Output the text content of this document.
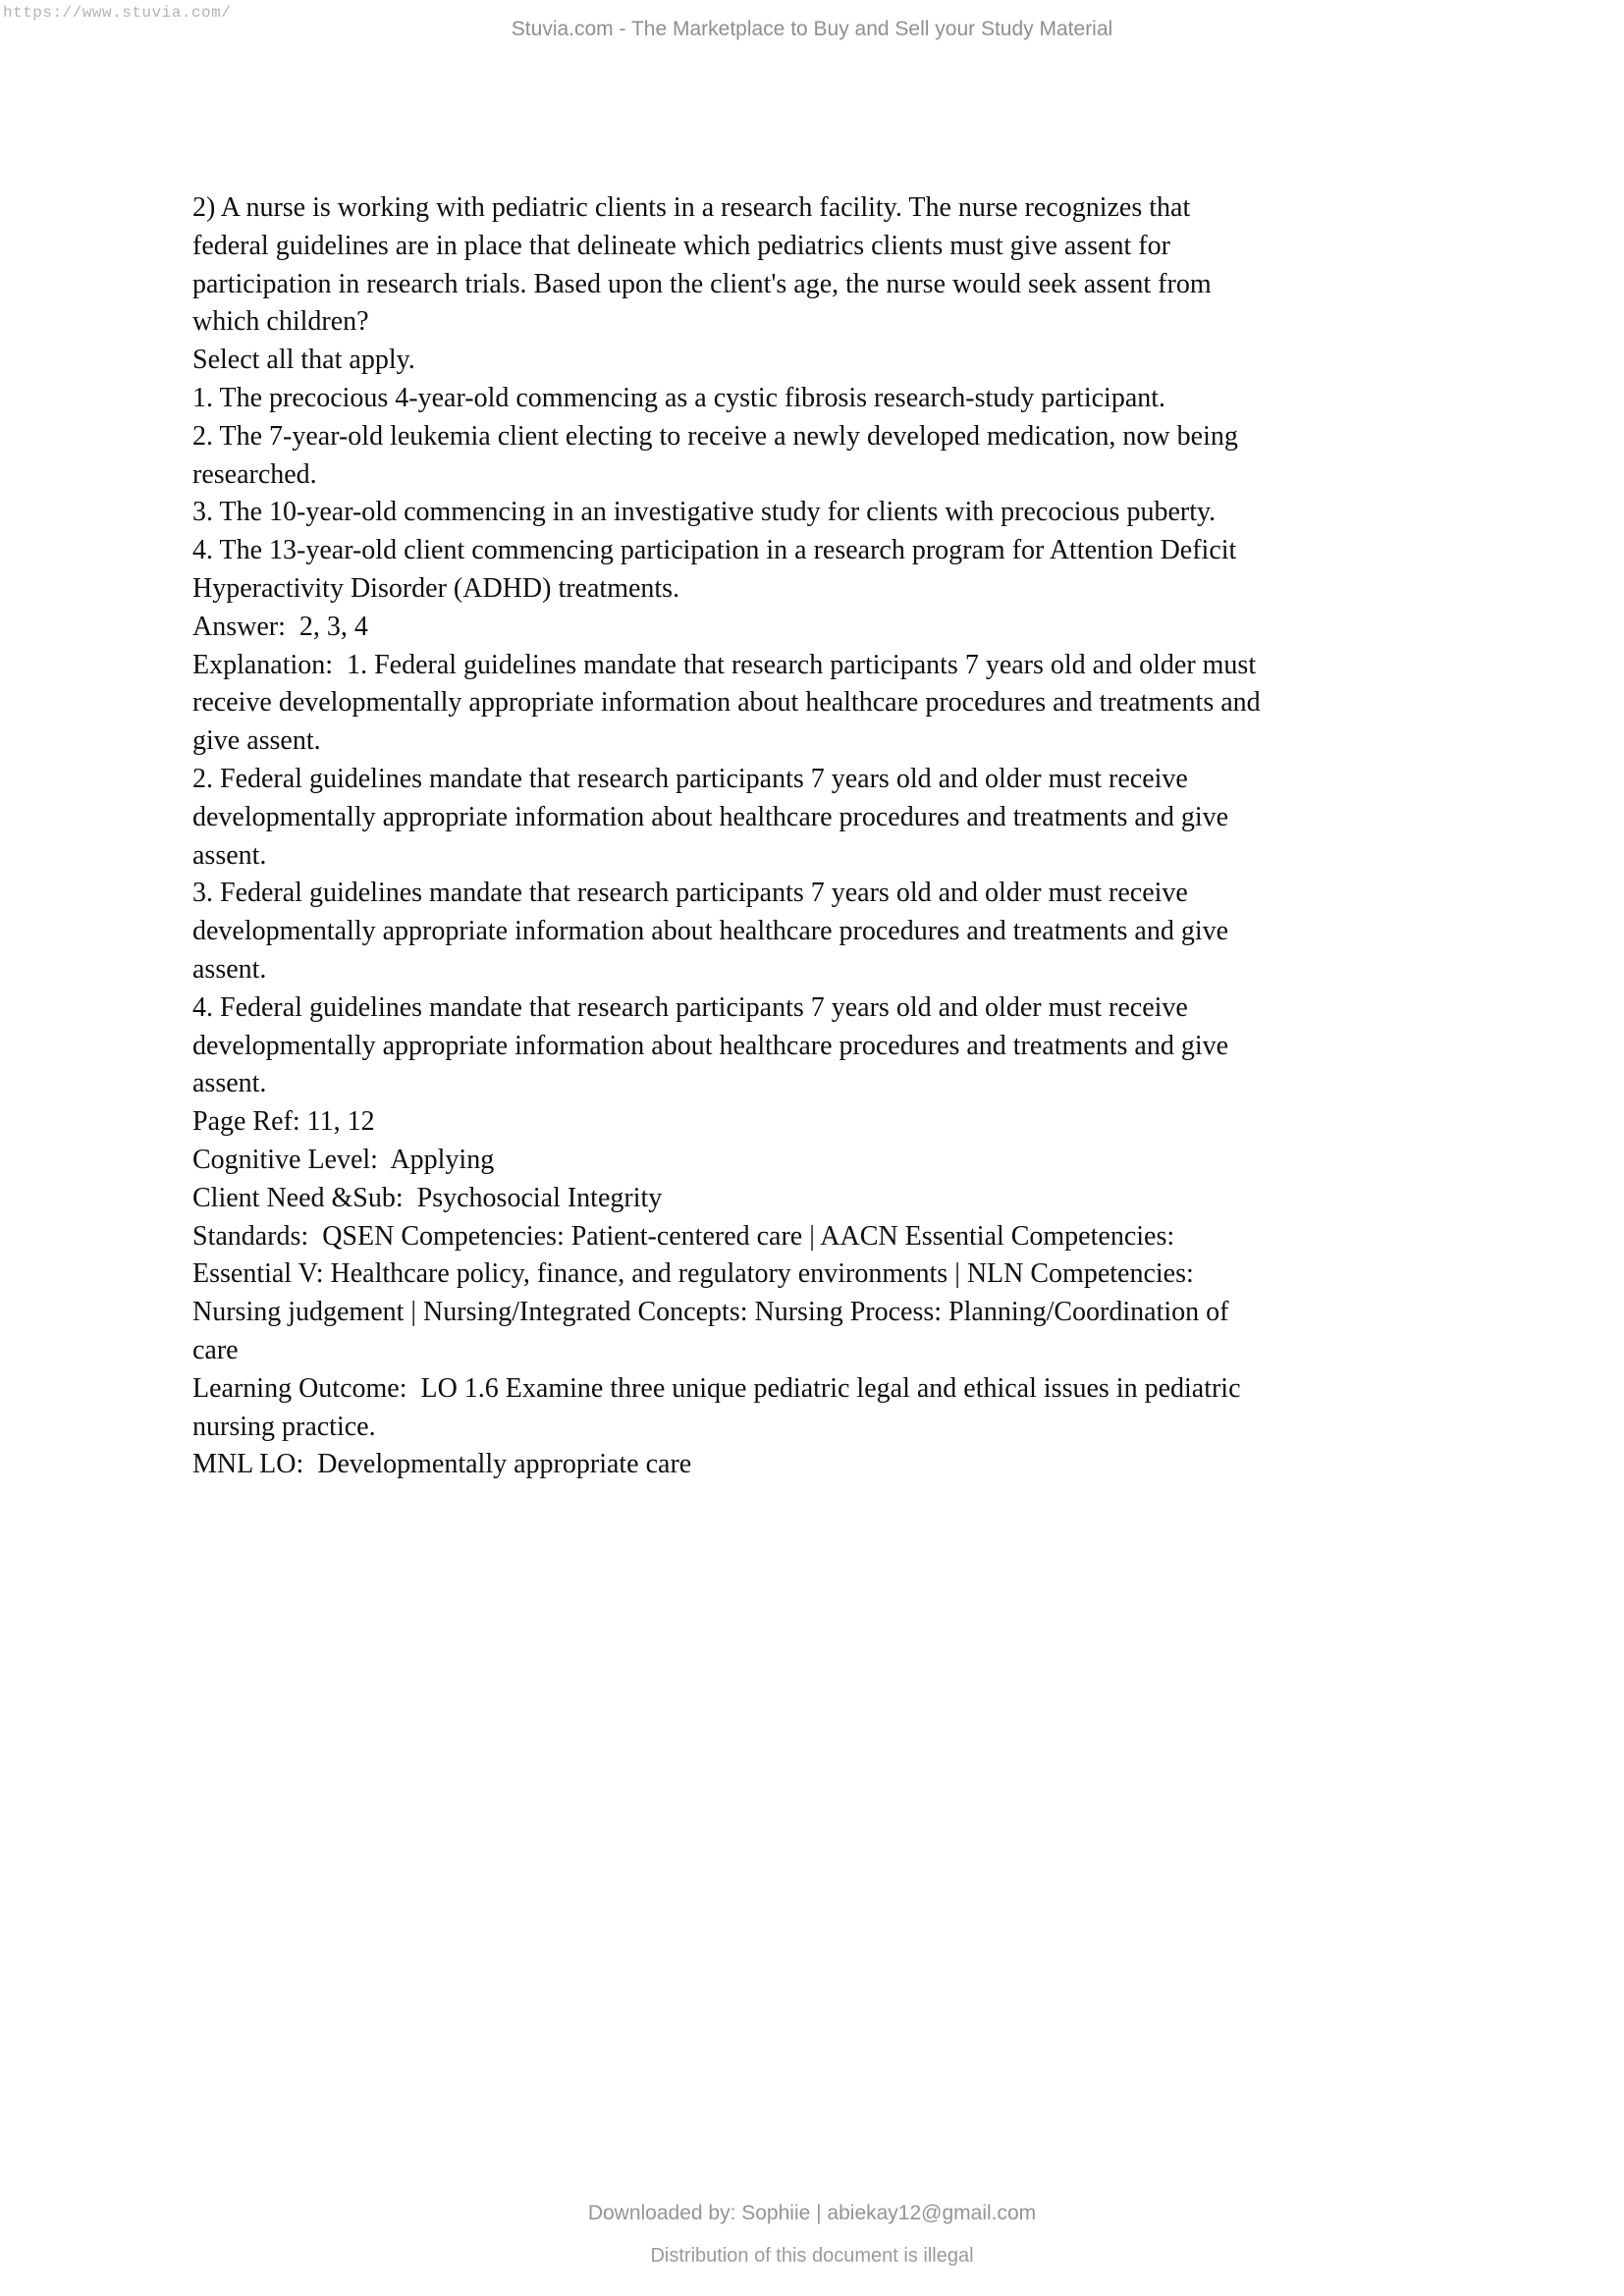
https://www.stuvia.com/
Stuvia.com - The Marketplace to Buy and Sell your Study Material
2) A nurse is working with pediatric clients in a research facility. The nurse recognizes that
federal guidelines are in place that delineate which pediatrics clients must give assent for
participation in research trials. Based upon the client's age, the nurse would seek assent from
which children?
Select all that apply.
1. The precocious 4-year-old commencing as a cystic fibrosis research-study participant.
2. The 7-year-old leukemia client electing to receive a newly developed medication, now being
researched.
3. The 10-year-old commencing in an investigative study for clients with precocious puberty.
4. The 13-year-old client commencing participation in a research program for Attention Deficit
Hyperactivity Disorder (ADHD) treatments.
Answer:  2, 3, 4
Explanation:  1. Federal guidelines mandate that research participants 7 years old and older must
receive developmentally appropriate information about healthcare procedures and treatments and
give assent.
2. Federal guidelines mandate that research participants 7 years old and older must receive
developmentally appropriate information about healthcare procedures and treatments and give
assent.
3. Federal guidelines mandate that research participants 7 years old and older must receive
developmentally appropriate information about healthcare procedures and treatments and give
assent.
4. Federal guidelines mandate that research participants 7 years old and older must receive
developmentally appropriate information about healthcare procedures and treatments and give
assent.
Page Ref: 11, 12
Cognitive Level:  Applying
Client Need &Sub:  Psychosocial Integrity
Standards:  QSEN Competencies: Patient-centered care | AACN Essential Competencies:
Essential V: Healthcare policy, finance, and regulatory environments | NLN Competencies:
Nursing judgement | Nursing/Integrated Concepts: Nursing Process: Planning/Coordination of
care
Learning Outcome:  LO 1.6 Examine three unique pediatric legal and ethical issues in pediatric
nursing practice.
MNL LO:  Developmentally appropriate care
Downloaded by: Sophiie | abiekay12@gmail.com
Distribution of this document is illegal
